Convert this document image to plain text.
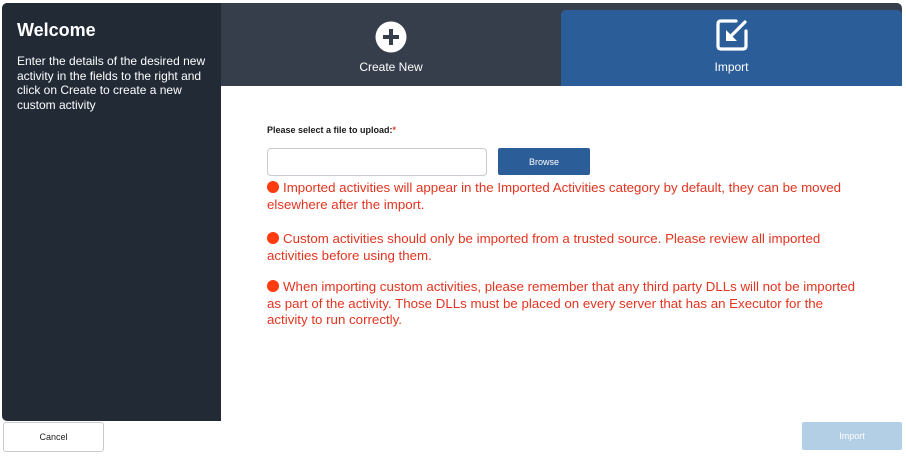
Welcome
Enter the details of the desired new activity in the fields to the right and click on Create to create a new custom activity
Create New	Import
Please select a file to upload:*
Browse
Imported activities will appear in the Imported Activities category by default, they can be moved elsewhere after the import.
Custom activities should only be imported from a trusted source. Please review all imported activities before using them.
When importing custom activities, please remember that any third party DLLs will not be imported as part of the activity. Those DLLs must be placed on every server that has an Executor for the activity to run correctly.
Cancel	Import
